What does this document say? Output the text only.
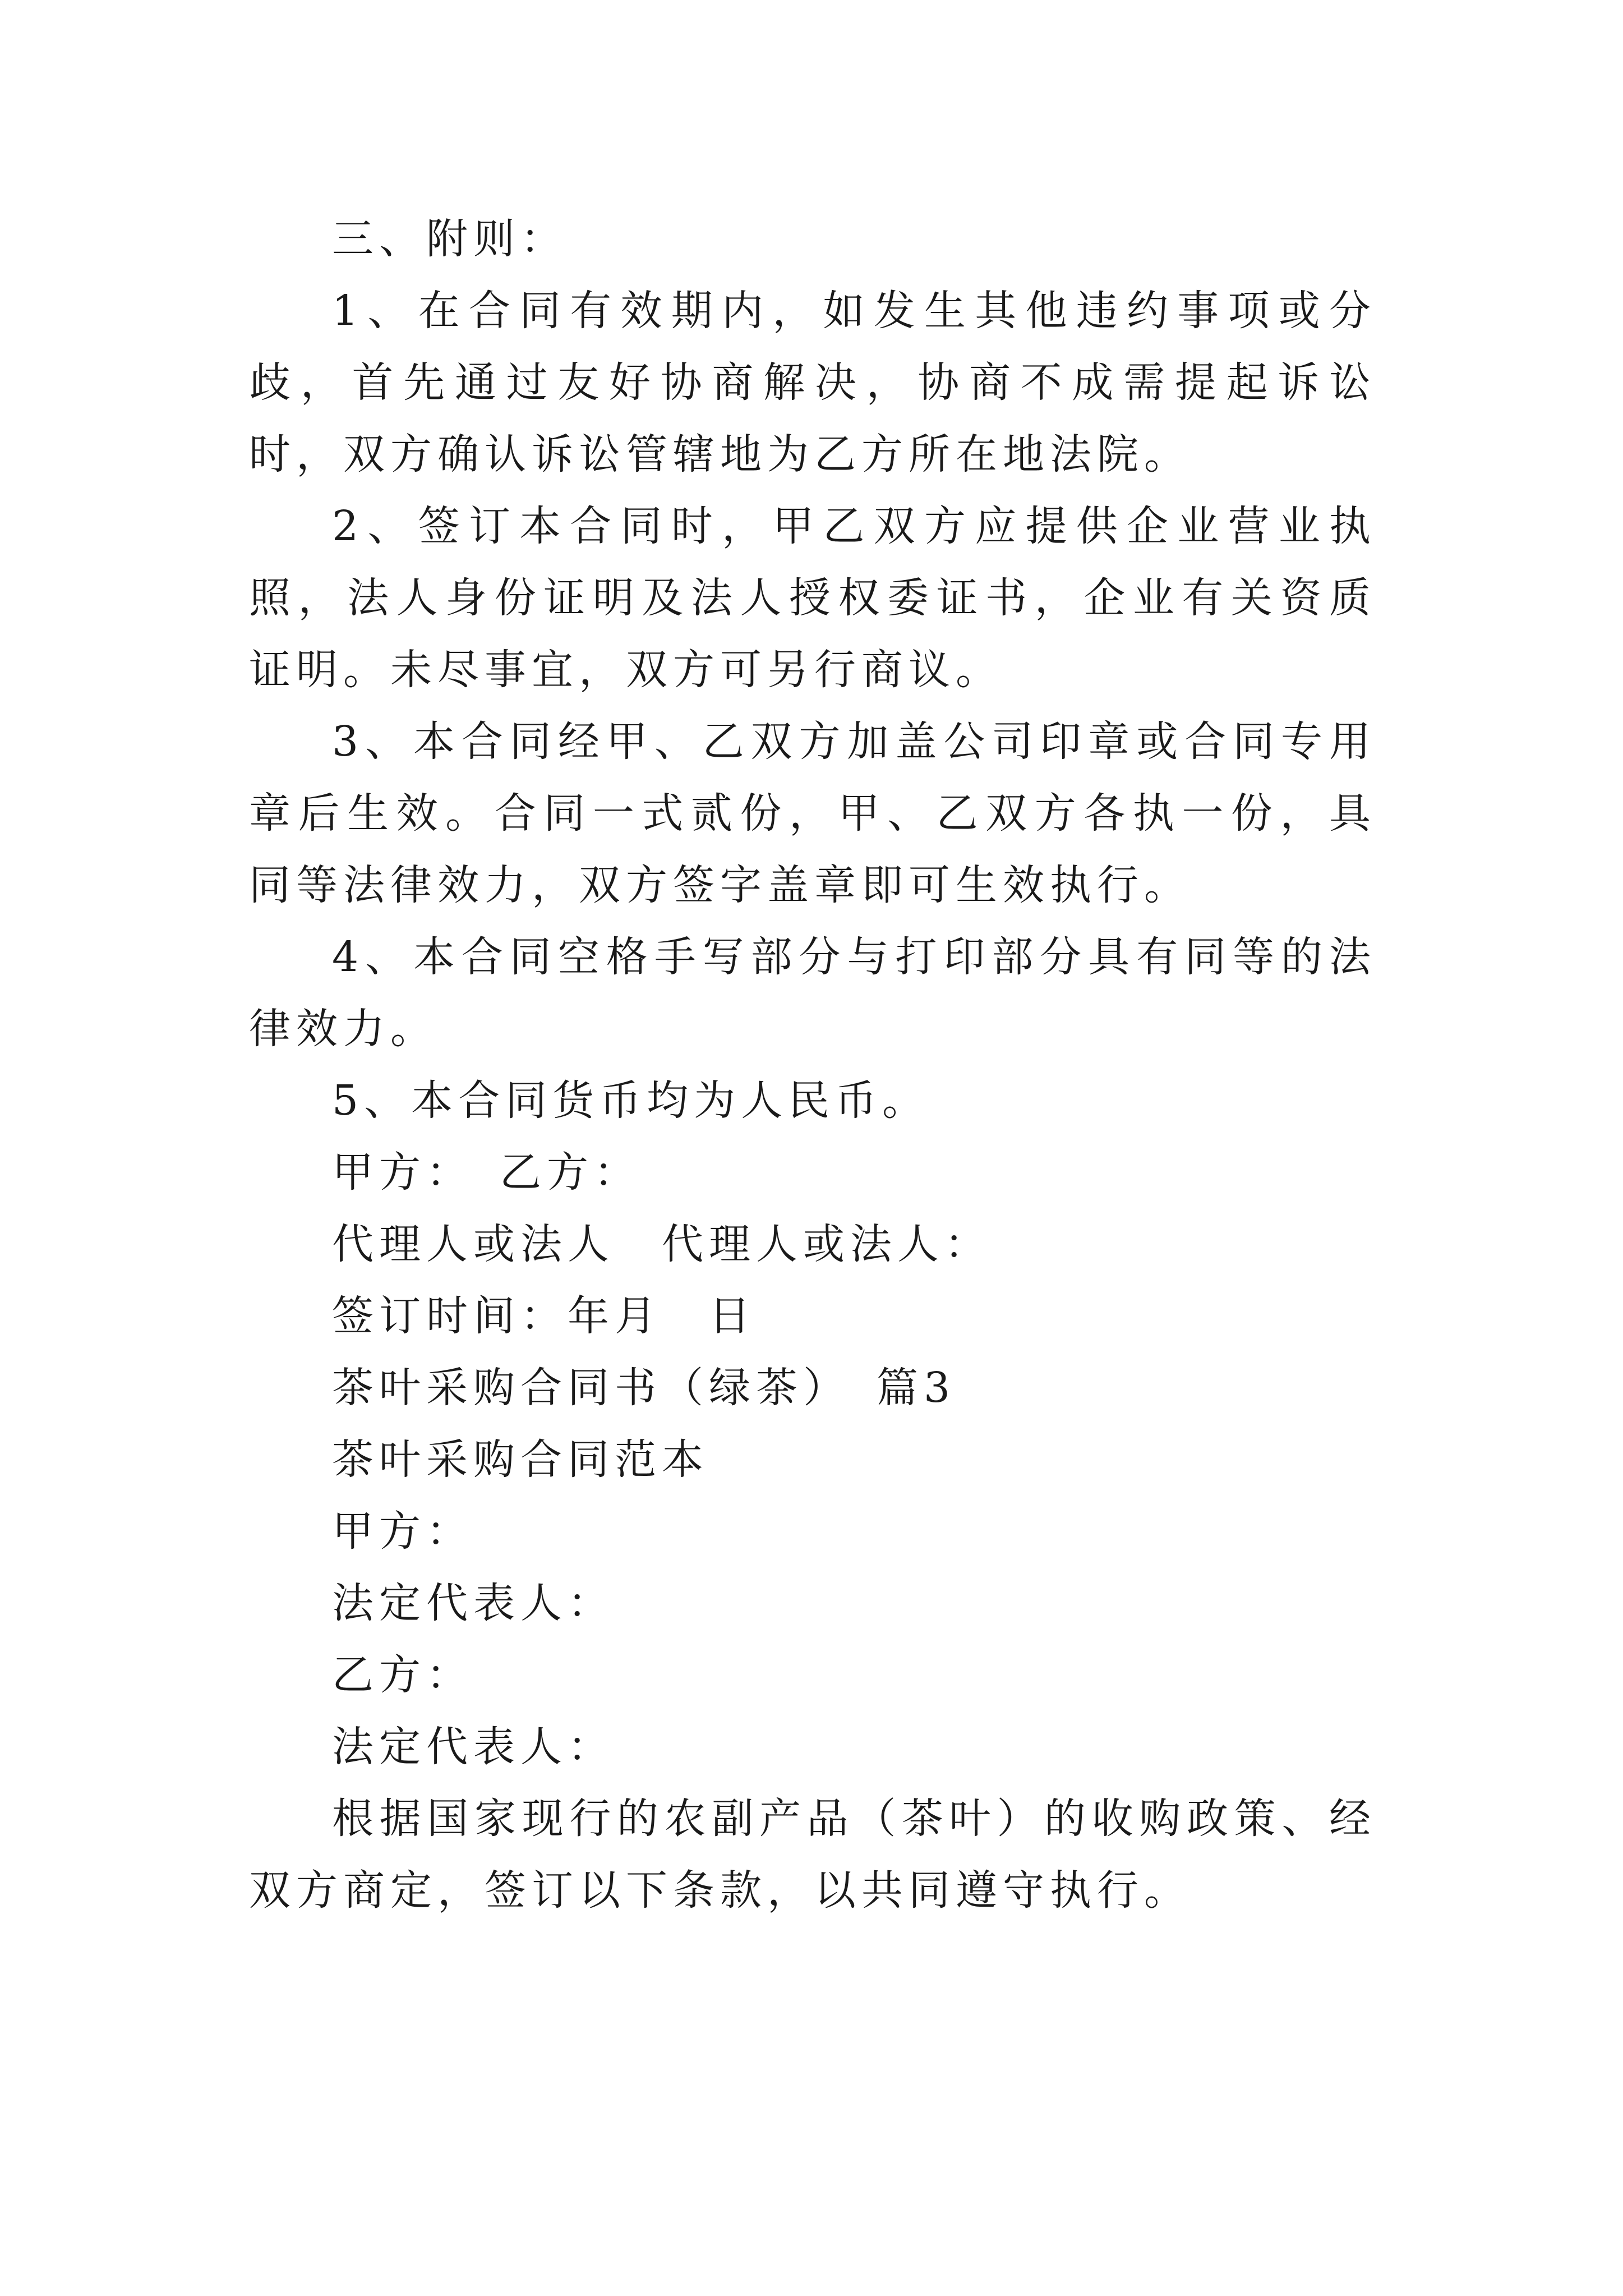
三、附则：

1、在合同有效期内，如发生其他违约事项或分歧，首先通过友好协商解决，协商不成需提起诉讼时，双方确认诉讼管辖地为乙方所在地法院。

2、签订本合同时，甲乙双方应提供企业营业执照，法人身份证明及法人授权委证书，企业有关资质证明。未尽事宜，双方可另行商议。

3、本合同经甲、乙双方加盖公司印章或合同专用章后生效。合同一式贰份，甲、乙双方各执一份，具同等法律效力，双方签字盖章即可生效执行。

4、本合同空格手写部分与打印部分具有同等的法律效力。

5、本合同货币均为人民币。

甲方：　乙方：

代理人或法人　代理人或法人：

签订时间：年月　日

茶叶采购合同书（绿茶）　篇3

茶叶采购合同范本

甲方：

法定代表人：

乙方：

法定代表人：

根据国家现行的农副产品（茶叶）的收购政策、经双方商定，签订以下条款，以共同遵守执行。
